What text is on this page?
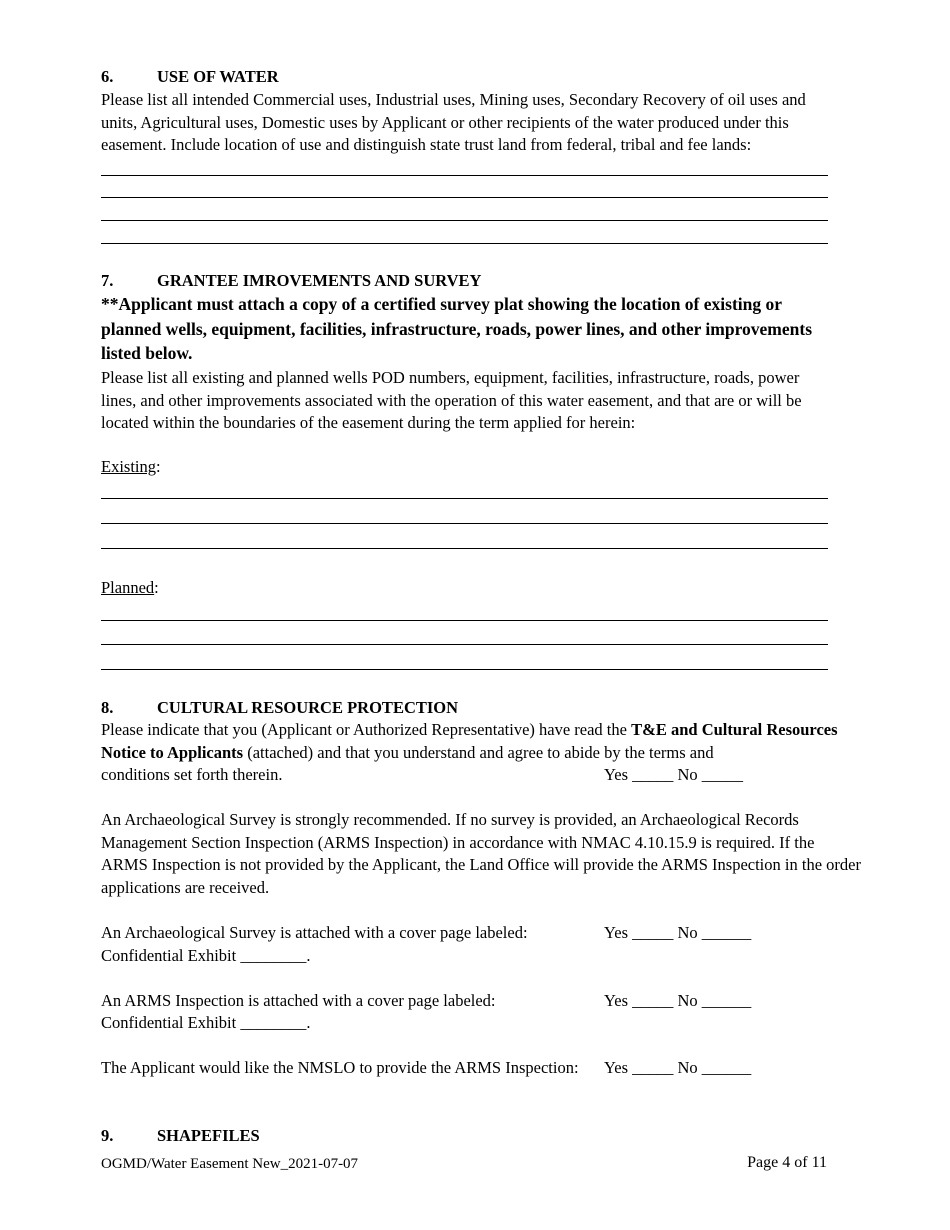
6.	USE OF WATER
Please list all intended Commercial uses, Industrial uses, Mining uses, Secondary Recovery of oil uses and units, Agricultural uses, Domestic uses by Applicant or other recipients of the water produced under this easement. Include location of use and distinguish state trust land from federal, tribal and fee lands:
7.	GRANTEE IMROVEMENTS AND SURVEY
**Applicant must attach a copy of a certified survey plat showing the location of existing or planned wells, equipment, facilities, infrastructure, roads, power lines, and other improvements listed below.
Please list all existing and planned wells POD numbers, equipment, facilities, infrastructure, roads, power lines, and other improvements associated with the operation of this water easement, and that are or will be located within the boundaries of the easement during the term applied for herein:
Existing:
Planned:
8.	CULTURAL RESOURCE PROTECTION
Please indicate that you (Applicant or Authorized Representative) have read the T&E and Cultural Resources Notice to Applicants (attached) and that you understand and agree to abide by the terms and
conditions set forth therein.	Yes _____ No _____
An Archaeological Survey is strongly recommended. If no survey is provided, an Archaeological Records Management Section Inspection (ARMS Inspection) in accordance with NMAC 4.10.15.9 is required. If the ARMS Inspection is not provided by the Applicant, the Land Office will provide the ARMS Inspection in the order applications are received.
An Archaeological Survey is attached with a cover page labeled:	Yes _____ No ______
Confidential Exhibit ________.
An ARMS Inspection is attached with a cover page labeled:	Yes _____ No ______
Confidential Exhibit ________.
The Applicant would like the NMSLO to provide the ARMS Inspection: Yes _____ No ______
9.	SHAPEFILES
OGMD/Water Easement New_2021-07-07	Page 4 of 11
